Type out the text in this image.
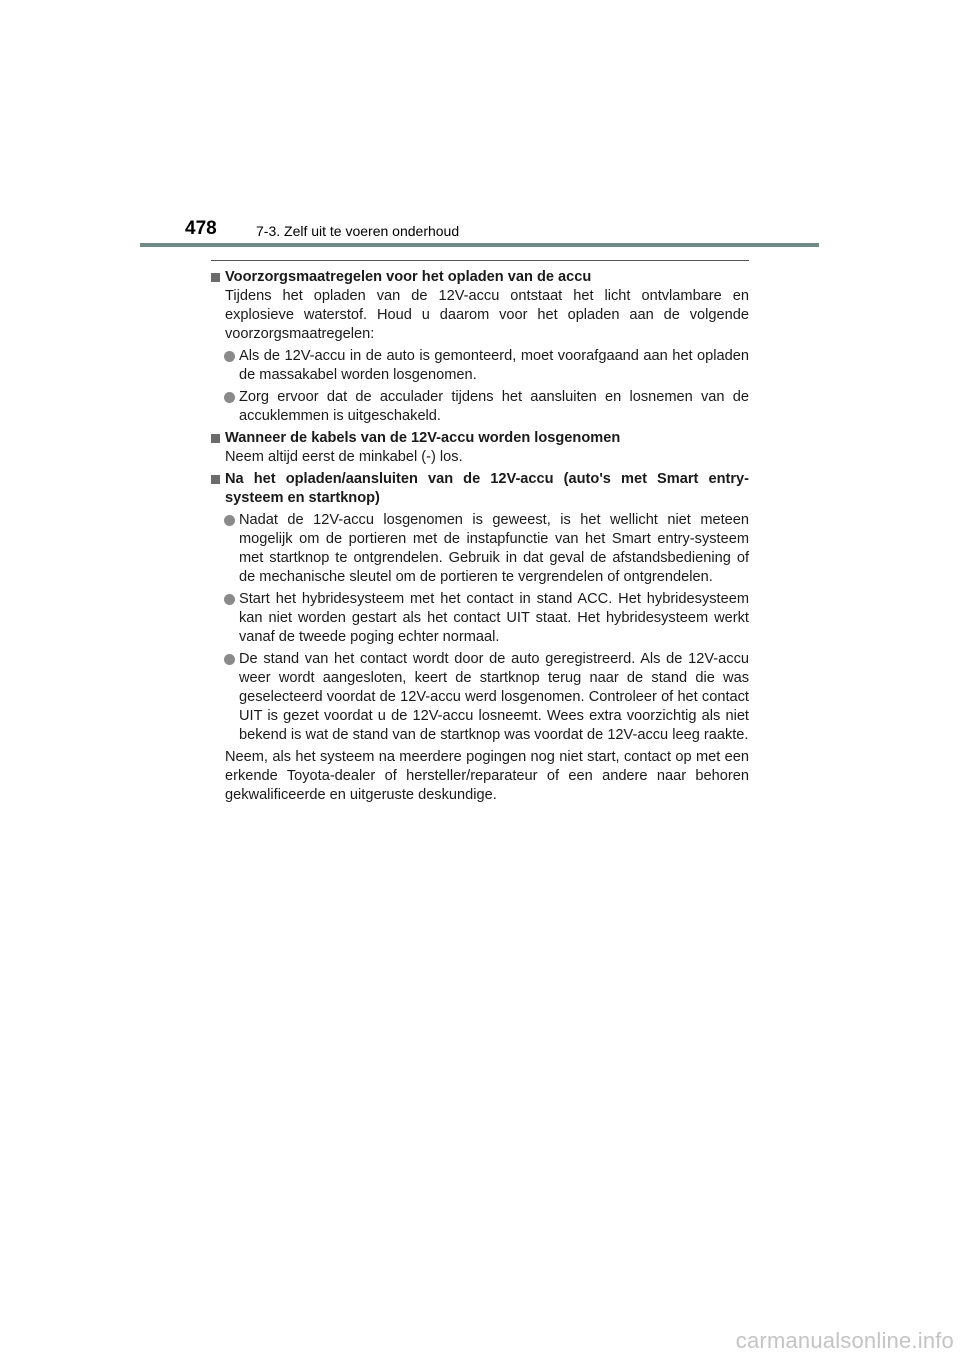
478	7-3. Zelf uit te voeren onderhoud
Voorzorgsmaatregelen voor het opladen van de accu
Tijdens het opladen van de 12V-accu ontstaat het licht ontvlambare en explosieve waterstof. Houd u daarom voor het opladen aan de volgende voorzorgsmaatregelen:
Als de 12V-accu in de auto is gemonteerd, moet voorafgaand aan het opladen de massakabel worden losgenomen.
Zorg ervoor dat de acculader tijdens het aansluiten en losnemen van de accuklemmen is uitgeschakeld.
Wanneer de kabels van de 12V-accu worden losgenomen
Neem altijd eerst de minkabel (-) los.
Na het opladen/aansluiten van de 12V-accu (auto's met Smart entry-systeem en startknop)
Nadat de 12V-accu losgenomen is geweest, is het wellicht niet meteen mogelijk om de portieren met de instapfunctie van het Smart entry-systeem met startknop te ontgrendelen. Gebruik in dat geval de afstandsbediening of de mechanische sleutel om de portieren te vergrendelen of ontgrendelen.
Start het hybridesysteem met het contact in stand ACC. Het hybridesysteem kan niet worden gestart als het contact UIT staat. Het hybridesysteem werkt vanaf de tweede poging echter normaal.
De stand van het contact wordt door de auto geregistreerd. Als de 12V-accu weer wordt aangesloten, keert de startknop terug naar de stand die was geselecteerd voordat de 12V-accu werd losgenomen. Controleer of het contact UIT is gezet voordat u de 12V-accu losneemt. Wees extra voorzichtig als niet bekend is wat de stand van de startknop was voordat de 12V-accu leeg raakte.
Neem, als het systeem na meerdere pogingen nog niet start, contact op met een erkende Toyota-dealer of hersteller/reparateur of een andere naar behoren gekwalificeerde en uitgeruste deskundige.
carmanualsonline.info
